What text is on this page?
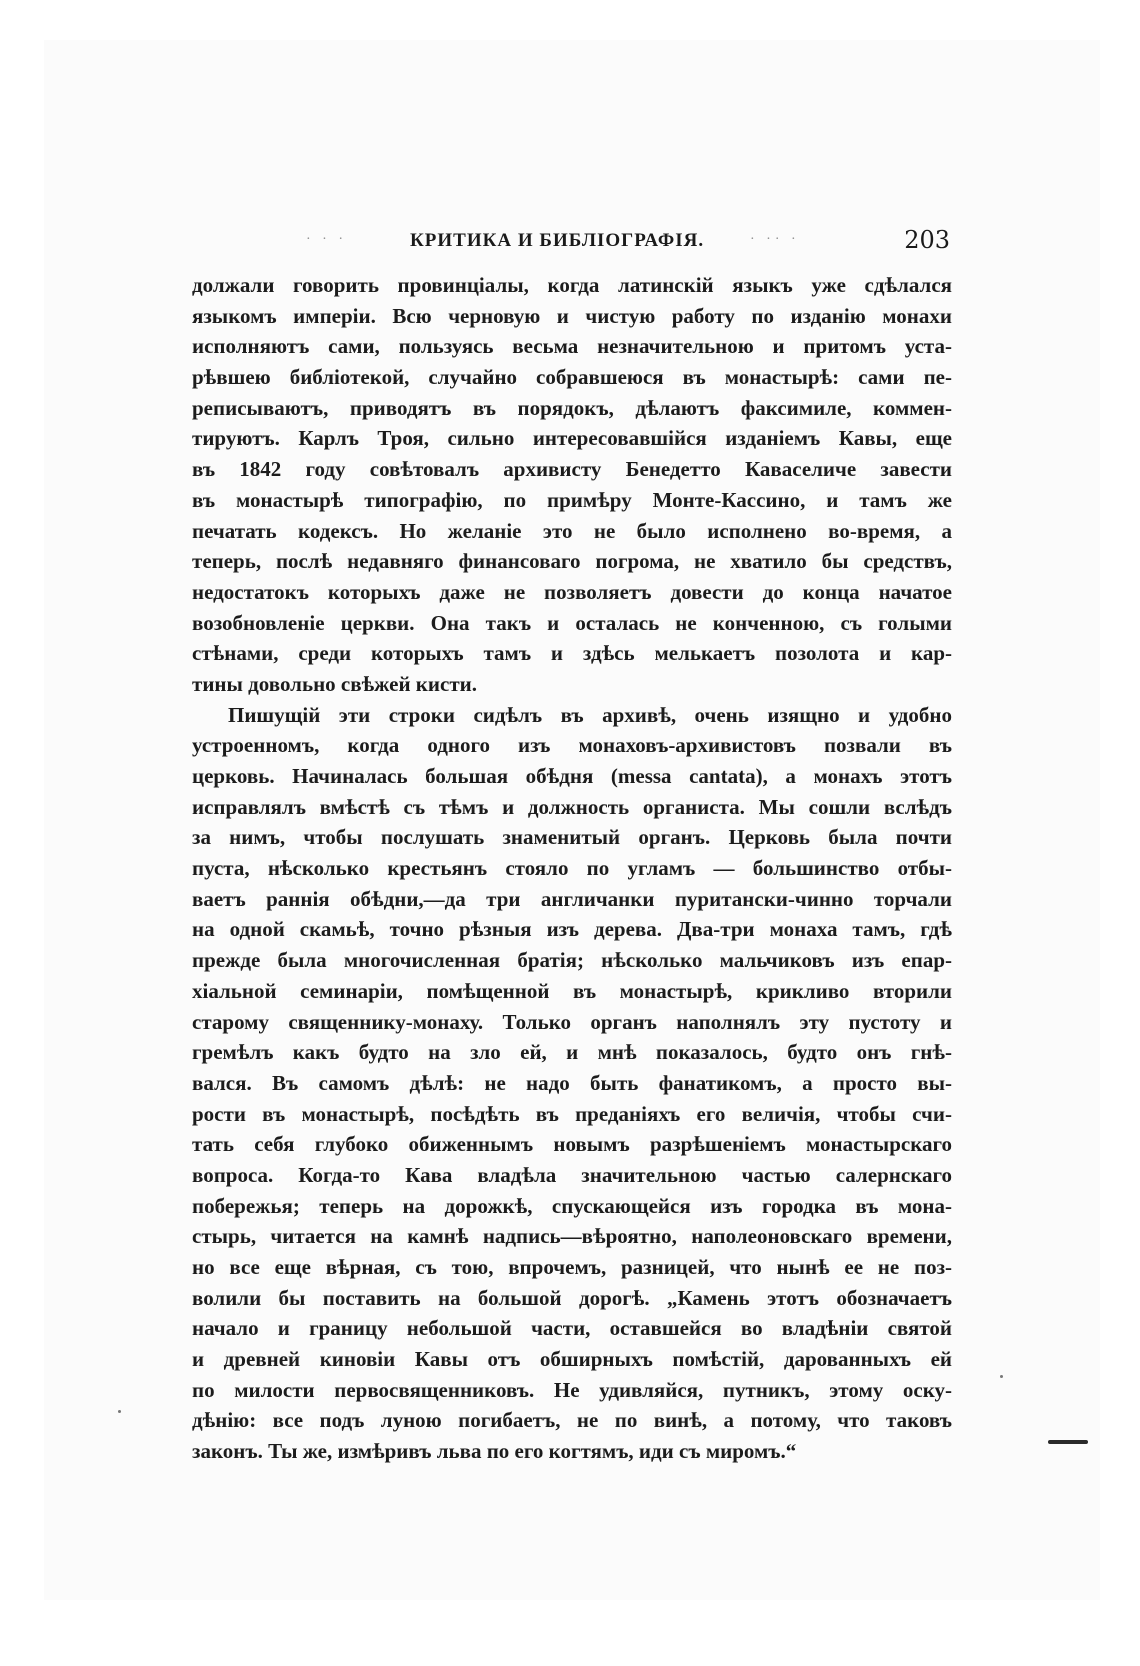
· · ·	КРИТИКА И БИБЛІОГРАФІЯ.	· ·· ·	203
должали говорить провинціалы, когда латинскій языкъ уже сдѣлался
языкомъ имперіи. Всю черновую и чистую работу по изданію монахи
исполняютъ сами, пользуясь весьма незначительною и притомъ уста-
рѣвшею библіотекой, случайно собравшеюся въ монастырѣ: сами пе-
реписываютъ, приводятъ въ порядокъ, дѣлаютъ факсимиле, коммен-
тируютъ. Карлъ Троя, сильно интересовавшійся изданіемъ Кавы, еще
въ 1842 году совѣтовалъ архивисту Бенедетто Каваселиче завести
въ монастырѣ типографію, по примѣру Монте-Кассино, и тамъ же
печатать кодексъ. Но желаніе это не было исполнено во-время, а
теперь, послѣ недавняго финансоваго погрома, не хватило бы средствъ,
недостатокъ которыхъ даже не позволяетъ довести до конца начатое
возобновленіе церкви. Она такъ и осталась не конченною, съ голыми
стѣнами, среди которыхъ тамъ и здѣсь мелькаетъ позолота и кар-
тины довольно свѣжей кисти.
Пишущій эти строки сидѣлъ въ архивѣ, очень изящно и удобно
устроенномъ, когда одного изъ монаховъ-архивистовъ позвали въ
церковь. Начиналась большая обѣдня (messa cantata), а монахъ этотъ
исправлялъ вмѣстѣ съ тѣмъ и должность органиста. Мы сошли вслѣдъ
за нимъ, чтобы послушать знаменитый органъ. Церковь была почти
пуста, нѣсколько крестьянъ стояло по угламъ — большинство отбы-
ваетъ раннія обѣдни,—да три англичанки пуритански-чинно торчали
на одной скамьѣ, точно рѣзныя изъ дерева. Два-три монаха тамъ, гдѣ
прежде была многочисленная братія; нѣсколько мальчиковъ изъ епар-
хіальной семинаріи, помѣщенной въ монастырѣ, крикливо вторили
старому священнику-монаху. Только органъ наполнялъ эту пустоту и
гремѣлъ какъ будто на зло ей, и мнѣ показалось, будто онъ гнѣ-
вался. Въ самомъ дѣлѣ: не надо быть фанатикомъ, а просто вы-
рости въ монастырѣ, посѣдѣть въ преданіяхъ его величія, чтобы счи-
тать себя глубоко обиженнымъ новымъ разрѣшеніемъ монастырскаго
вопроса. Когда-то Кава владѣла значительною частью салернскаго
побережья; теперь на дорожкѣ, спускающейся изъ городка въ мона-
стырь, читается на камнѣ надпись—вѣроятно, наполеоновскаго времени,
но все еще вѣрная, съ тою, впрочемъ, разницей, что нынѣ ее не поз-
волили бы поставить на большой дорогѣ. „Камень этотъ обозначаетъ
начало и границу небольшой части, оставшейся во владѣніи святой
и древней киновіи Кавы отъ обширныхъ помѣстій, дарованныхъ ей
по милости первосвященниковъ. Не удивляйся, путникъ, этому оску-
дѣнію: все подъ луною погибаетъ, не по винѣ, а потому, что таковъ
законъ. Ты же, измѣривъ льва по его когтямъ, иди съ миромъ.“
